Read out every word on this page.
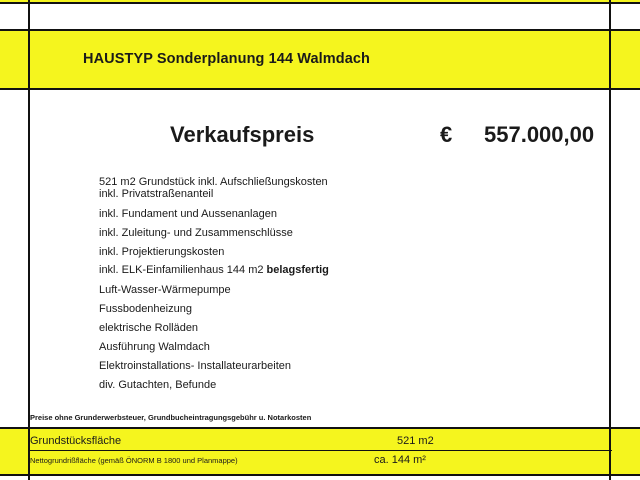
HAUSTYP Sonderplanung 144 Walmdach
Verkaufspreis	€ 557.000,00
521 m2 Grundstück inkl. Aufschließungskosten
inkl. Privatstraßenanteil
inkl. Fundament und Aussenanlagen
inkl. Zuleitung- und Zusammenschlüsse
inkl. Projektierungskosten
inkl. ELK-Einfamilienhaus 144 m2 belagsfertig
Luft-Wasser-Wärmepumpe
Fussbodenheizung
elektrische Rolläden
Ausführung Walmdach
Elektroinstallations- Installateurarbeiten
div. Gutachten, Befunde
Preise ohne Grunderwerbsteuer, Grundbucheintragungsgebühr u. Notarkosten
Grundstücksfläche	521 m2
Nettogrundrißfläche (gemäß ÖNORM B 1800 und Planmappe)	ca. 144 m²
